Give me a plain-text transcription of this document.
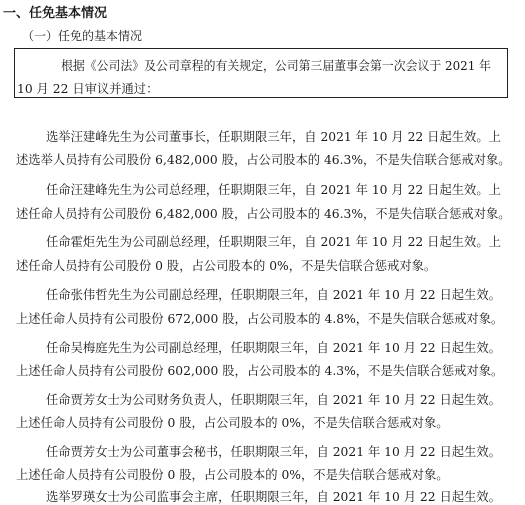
一、任免基本情况
（一）任免的基本情况
根据《公司法》及公司章程的有关规定，公司第三届董事会第一次会议于 2021 年
10 月 22 日审议并通过：
选举汪建峰先生为公司董事长，任职期限三年，自 2021 年 10 月 22 日起生效。上
述选举人员持有公司股份 6,482,000 股，占公司股本的 46.3%，不是失信联合惩戒对象。
任命汪建峰先生为公司总经理，任职期限三年，自 2021 年 10 月 22 日起生效。上
述任命人员持有公司股份 6,482,000 股，占公司股本的 46.3%，不是失信联合惩戒对象。
任命霍炬先生为公司副总经理，任职期限三年，自 2021 年 10 月 22 日起生效。上
述任命人员持有公司股份 0 股，占公司股本的 0%，不是失信联合惩戒对象。
任命张伟哲先生为公司副总经理，任职期限三年，自 2021 年 10 月 22 日起生效。
上述任命人员持有公司股份 672,000 股，占公司股本的 4.8%，不是失信联合惩戒对象。
任命吴梅庭先生为公司副总经理，任职期限三年，自 2021 年 10 月 22 日起生效。
上述任命人员持有公司股份 602,000 股，占公司股本的 4.3%，不是失信联合惩戒对象。
任命贾芳女士为公司财务负责人，任职期限三年，自 2021 年 10 月 22 日起生效。
上述任命人员持有公司股份 0 股，占公司股本的 0%，不是失信联合惩戒对象。
任命贾芳女士为公司董事会秘书，任职期限三年，自 2021 年 10 月 22 日起生效。
上述任命人员持有公司股份 0 股，占公司股本的 0%，不是失信联合惩戒对象。
选举罗瑛女士为公司监事会主席，任职期限三年，自 2021 年 10 月 22 日起生效。
